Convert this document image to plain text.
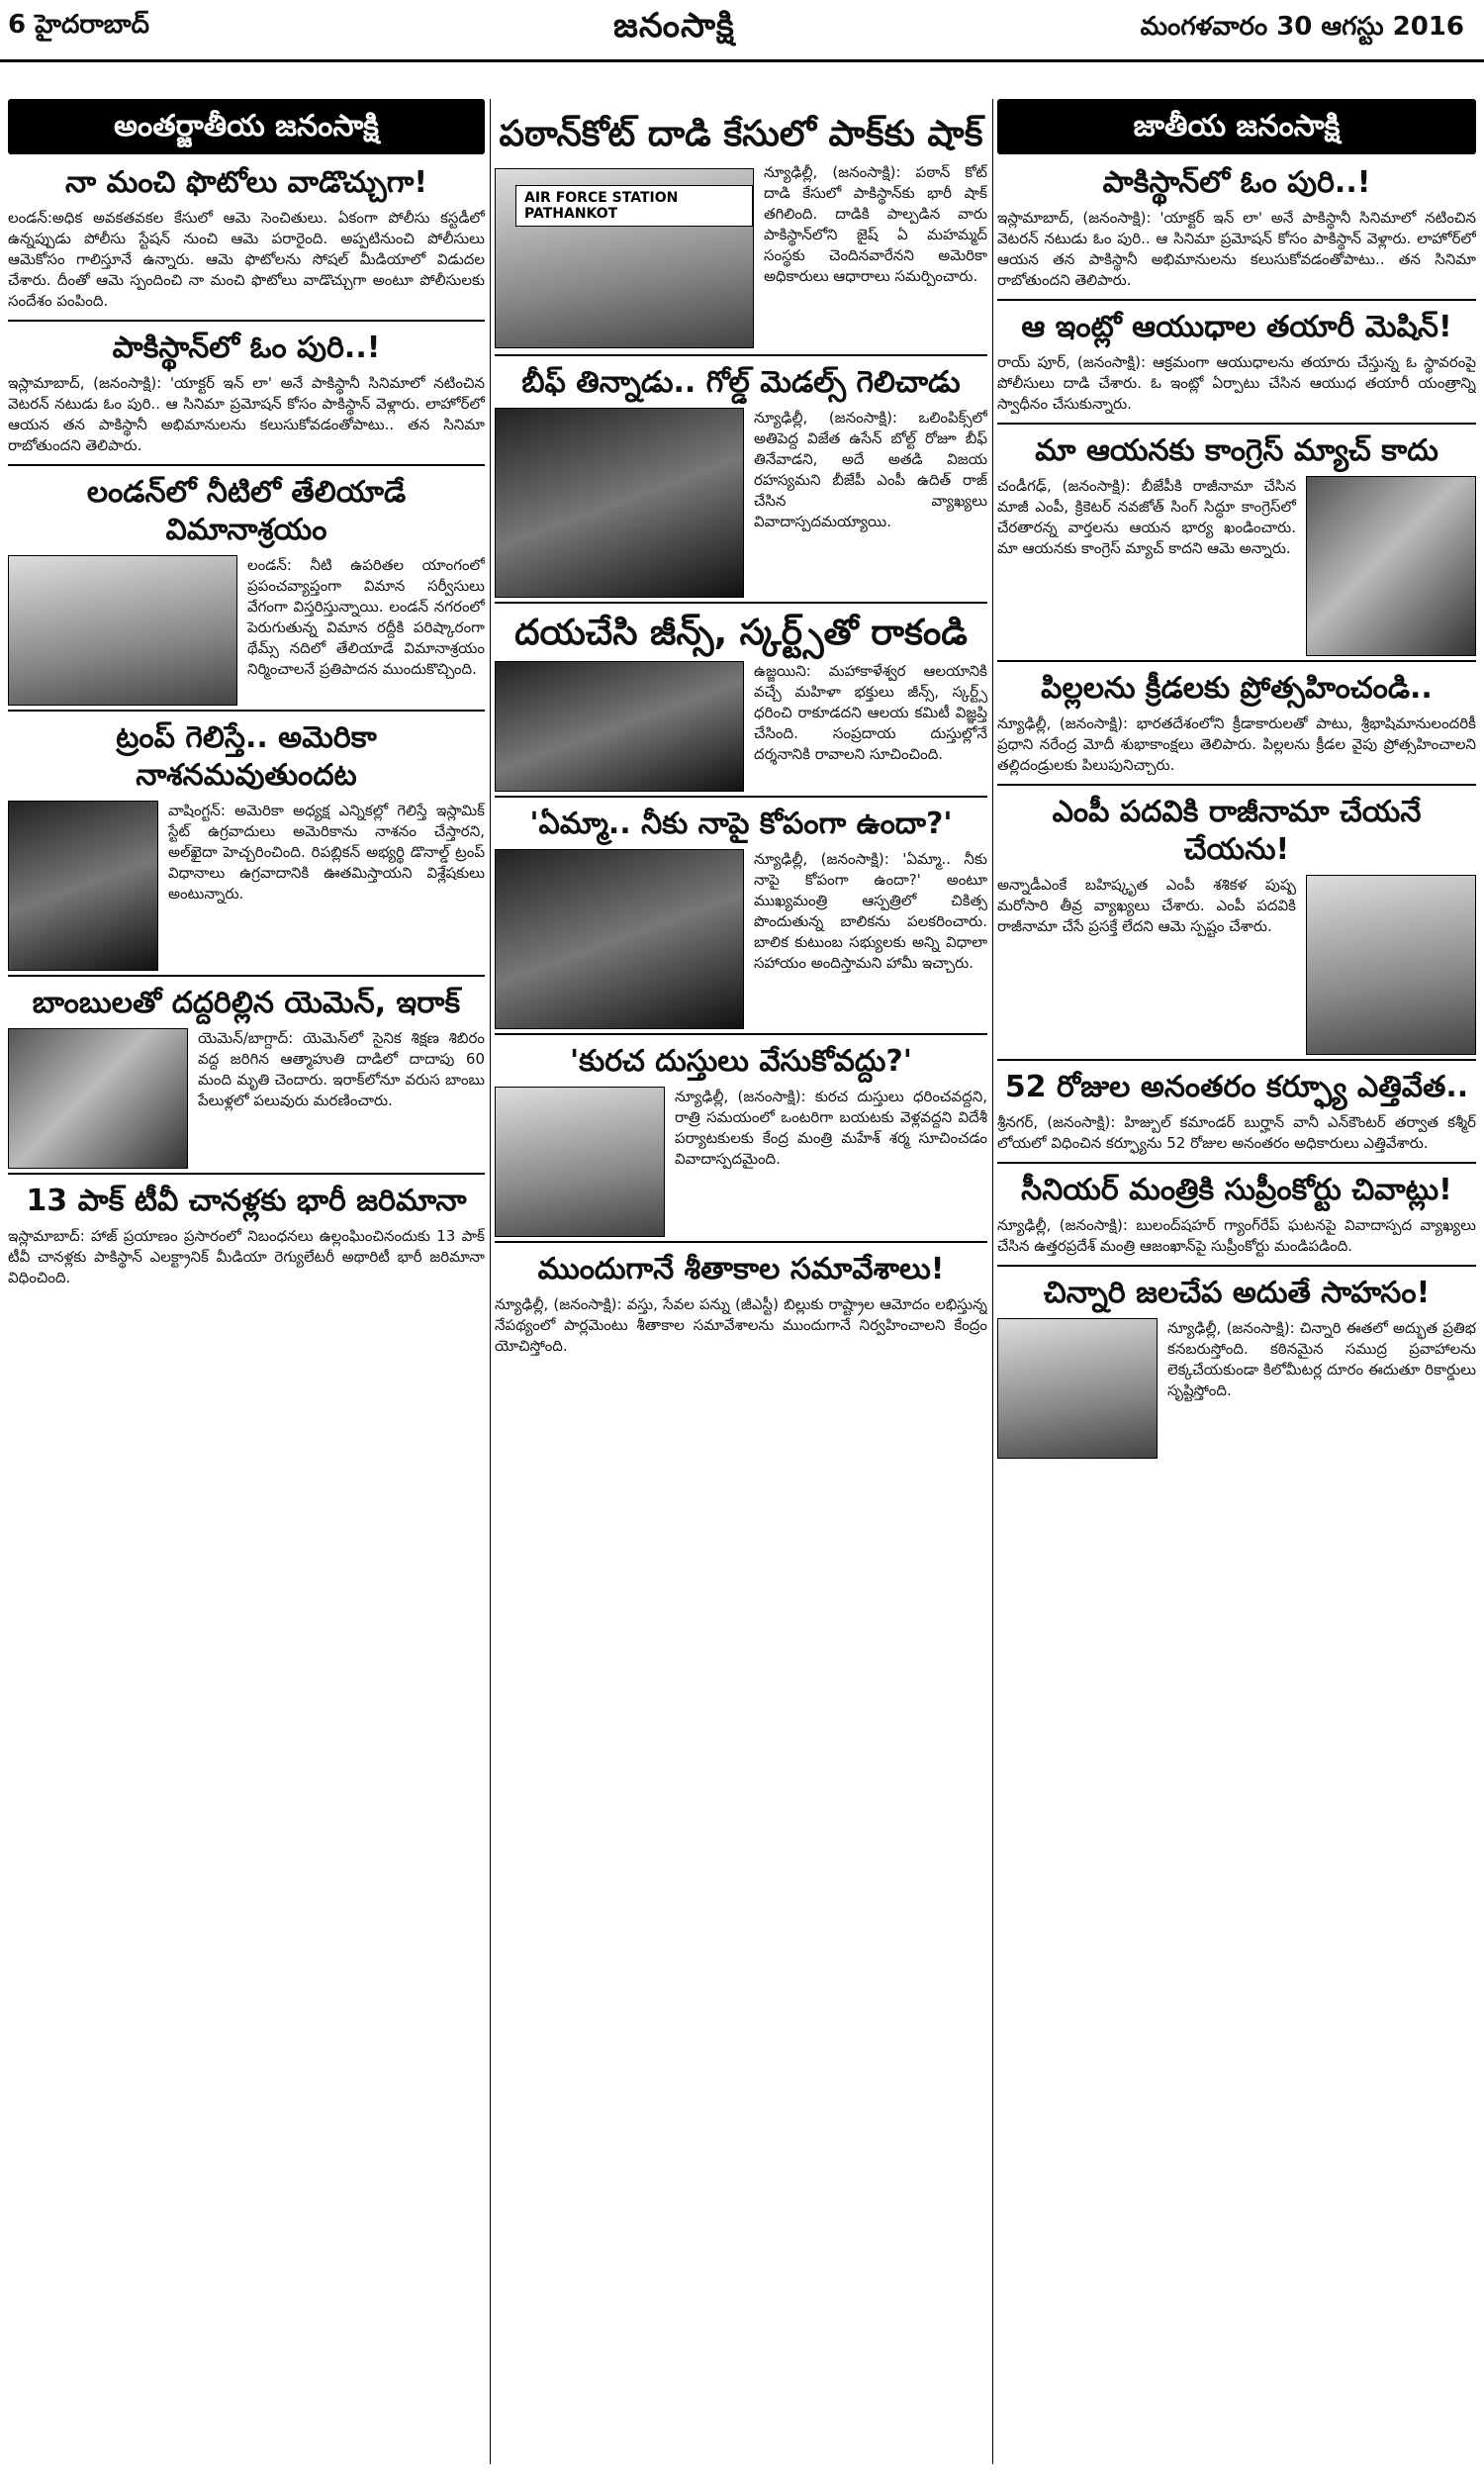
6 హైదరాబాద్‌	జనంసాక్షి	మంగళవారం 30 ఆగస్టు 2016
అంతర్జాతీయ జనంసాక్షి	జాతీయ జనంసాక్షి
నా మంచి ఫొటోలు వాడొచ్చుగా!

లండన్‌:అధిక అవకతవకల కేసులో ఆమె సెంచితులు. ఏకంగా పోలీసు కస్టడీలో ఉన్నప్పుడు పోలీసు స్టేషన్‌ నుంచి ఆమె పరారైంది. అప్పటినుంచి పోలీసులు ఆమెకోసం గాలిస్తూనే ఉన్నారు. ఆమె ఫొటోలను సోషల్‌ మీడియాలో విడుదల చేశారు. దీంతో ఆమె స్పందించి నా మంచి ఫొటోలు వాడొచ్చుగా అంటూ పోలీసులకు సందేశం పంపింది.

పాకిస్థాన్‌లో ఓం పురి..!

ఇస్లామాబాద్‌, (జనంసాక్షి): 'యాక్టర్‌ ఇన్‌ లా' అనే పాకిస్థానీ సినిమాలో నటించిన వెటరన్‌ నటుడు ఓం పురి.. ఆ సినిమా ప్రమోషన్‌ కోసం పాకిస్థాన్‌ వెళ్లారు. లాహోర్‌లో ఆయన తన పాకిస్థానీ అభిమానులను కలుసుకోవడంతోపాటు.. తన సినిమా రాబోతుందని తెలిపారు.

లండన్‌లో నీటిలో తేలియాడే విమానాశ్రయం

లండన్‌: నీటి ఉపరితల యాంగంలో ప్రపంచవ్యాప్తంగా విమాన సర్వీసులు వేగంగా విస్తరిస్తున్నాయి. లండన్‌ నగరంలో పెరుగుతున్న విమాన రద్దీకి పరిష్కారంగా థేమ్స్‌ నదిలో తేలియాడే విమానాశ్రయం నిర్మించాలనే ప్రతిపాదన ముందుకొచ్చింది.

ట్రంప్‌ గెలిస్తే.. అమెరికా నాశనమవుతుందట

వాషింగ్టన్‌: అమెరికా అధ్యక్ష ఎన్నికల్లో గెలిస్తే ఇస్లామిక్‌ స్టేట్‌ ఉగ్రవాదులు అమెరికాను నాశనం చేస్తారని, అల్‌ఖైదా హెచ్చరించింది. రిపబ్లికన్‌ అభ్యర్థి డొనాల్డ్‌ ట్రంప్‌ విధానాలు ఉగ్రవాదానికి ఊతమిస్తాయని విశ్లేషకులు అంటున్నారు.

బాంబులతో దద్దరిల్లిన యెమెన్‌, ఇరాక్‌

యెమెన్‌/బాగ్దాద్‌: యెమెన్‌లో సైనిక శిక్షణ శిబిరం వద్ద జరిగిన ఆత్మాహుతి దాడిలో దాదాపు 60 మంది మృతి చెందారు. ఇరాక్‌లోనూ వరుస బాంబు పేలుళ్లలో పలువురు మరణించారు.

13 పాక్‌ టీవీ చానళ్లకు భారీ జరిమానా

ఇస్లామాబాద్‌: హాజ్‌ ప్రయాణం ప్రసారంలో నిబంధనలు ఉల్లంఘించినందుకు 13 పాక్‌ టీవీ చానళ్లకు పాకిస్థాన్‌ ఎలక్ట్రానిక్‌ మీడియా రెగ్యులేటరీ అథారిటీ భారీ జరిమానా విధించింది.

పఠాన్‌కోట్‌ దాడి కేసులో పాక్‌కు షాక్‌
AIR FORCE STATION PATHANKOT

న్యూఢిల్లీ, (జనంసాక్షి): పఠాన్‌ కోట్‌ దాడి కేసులో పాకిస్థాన్‌కు భారీ షాక్‌ తగిలింది. దాడికి పాల్పడిన వారు పాకిస్థాన్‌లోని జైష్‌ ఏ మహమ్మద్‌ సంస్థకు చెందినవారేనని అమెరికా అధికారులు ఆధారాలు సమర్పించారు.

బీఫ్‌ తిన్నాడు.. గోల్డ్‌ మెడల్స్‌ గెలిచాడు

న్యూఢిల్లీ, (జనంసాక్షి): ఒలింపిక్స్‌లో అతిపెద్ద విజేత ఉసేన్‌ బోల్ట్‌ రోజూ బీఫ్‌ తినేవాడని, అదే అతడి విజయ రహస్యమని బీజేపీ ఎంపీ ఉదిత్‌ రాజ్‌ చేసిన వ్యాఖ్యలు వివాదాస్పదమయ్యాయి.

దయచేసి జీన్స్‌, స్కర్ట్స్‌తో రాకండి

ఉజ్జయిని: మహాకాళేశ్వర ఆలయానికి వచ్చే మహిళా భక్తులు జీన్స్‌, స్కర్ట్స్‌ ధరించి రాకూడదని ఆలయ కమిటీ విజ్ఞప్తి చేసింది. సంప్రదాయ దుస్తుల్లోనే దర్శనానికి రావాలని సూచించింది.

'ఏమ్మా.. నీకు నాపై కోపంగా ఉందా?'

న్యూఢిల్లీ, (జనంసాక్షి): 'ఏమ్మా.. నీకు నాపై కోపంగా ఉందా?' అంటూ ముఖ్యమంత్రి ఆస్పత్రిలో చికిత్స పొందుతున్న బాలికను పలకరించారు. బాలిక కుటుంబ సభ్యులకు అన్ని విధాలా సహాయం అందిస్తామని హామీ ఇచ్చారు.

'కురచ దుస్తులు వేసుకోవద్దు?'

న్యూఢిల్లీ, (జనంసాక్షి): కురచ దుస్తులు ధరించవద్దని, రాత్రి సమయంలో ఒంటరిగా బయటకు వెళ్లవద్దని విదేశీ పర్యాటకులకు కేంద్ర మంత్రి మహేశ్‌ శర్మ సూచించడం వివాదాస్పదమైంది.

ముందుగానే శీతాకాల సమావేశాలు!

న్యూఢిల్లీ, (జనంసాక్షి): వస్తు, సేవల పన్ను (జీఎస్టీ) బిల్లుకు రాష్ట్రాల ఆమోదం లభిస్తున్న నేపథ్యంలో పార్లమెంటు శీతాకాల సమావేశాలను ముందుగానే నిర్వహించాలని కేంద్రం యోచిస్తోంది.

పాకిస్థాన్‌లో ఓం పురి..!

ఇస్లామాబాద్‌, (జనంసాక్షి): 'యాక్టర్‌ ఇన్‌ లా' అనే పాకిస్థానీ సినిమాలో నటించిన వెటరన్‌ నటుడు ఓం పురి.. ఆ సినిమా ప్రమోషన్‌ కోసం పాకిస్థాన్‌ వెళ్లారు. లాహోర్‌లో ఆయన తన పాకిస్థానీ అభిమానులను కలుసుకోవడంతోపాటు.. తన సినిమా రాబోతుందని తెలిపారు.

ఆ ఇంట్లో ఆయుధాల తయారీ మెషిన్‌!

రాయ్‌ పూర్‌, (జనంసాక్షి): ఆక్రమంగా ఆయుధాలను తయారు చేస్తున్న ఓ స్థావరంపై పోలీసులు దాడి చేశారు. ఓ ఇంట్లో ఏర్పాటు చేసిన ఆయుధ తయారీ యంత్రాన్ని స్వాధీనం చేసుకున్నారు.

మా ఆయనకు కాంగ్రెస్‌ మ్యాచ్‌ కాదు

చండీగఢ్‌, (జనంసాక్షి): బీజేపీకి రాజీనామా చేసిన మాజీ ఎంపీ, క్రికెటర్‌ నవజోత్‌ సింగ్‌ సిద్ధూ కాంగ్రెస్‌లో చేరతారన్న వార్తలను ఆయన భార్య ఖండించారు. మా ఆయనకు కాంగ్రెస్‌ మ్యాచ్‌ కాదని ఆమె అన్నారు.

పిల్లలను క్రీడలకు ప్రోత్సహించండి..

న్యూఢిల్లీ, (జనంసాక్షి): భారతదేశంలోని క్రీడాకారులతో పాటు, శ్రీభాషిమానులందరికీ ప్రధాని నరేంద్ర మోదీ శుభాకాంక్షలు తెలిపారు. పిల్లలను క్రీడల వైపు ప్రోత్సహించాలని తల్లిదండ్రులకు పిలుపునిచ్చారు.

ఎంపీ పదవికి రాజీనామా చేయనే చేయను!

అన్నాడీఎంకే బహిష్కృత ఎంపీ శశికళ పుష్ప మరోసారి తీవ్ర వ్యాఖ్యలు చేశారు. ఎంపీ పదవికి రాజీనామా చేసే ప్రసక్తే లేదని ఆమె స్పష్టం చేశారు.

52 రోజుల అనంతరం కర్ఫ్యూ ఎత్తివేత..

శ్రీనగర్‌, (జనంసాక్షి): హిజ్బుల్‌ కమాండర్‌ బుర్హాన్‌ వానీ ఎన్‌కౌంటర్‌ తర్వాత కశ్మీర్‌ లోయలో విధించిన కర్ఫ్యూను 52 రోజుల అనంతరం అధికారులు ఎత్తివేశారు.

సీనియర్‌ మంత్రికి సుప్రీంకోర్టు చివాట్లు!

న్యూఢిల్లీ, (జనంసాక్షి): బులంద్‌షహర్‌ గ్యాంగ్‌రేప్‌ ఘటనపై వివాదాస్పద వ్యాఖ్యలు చేసిన ఉత్తరప్రదేశ్‌ మంత్రి ఆజంఖాన్‌పై సుప్రీంకోర్టు మండిపడింది.

చిన్నారి జలచేప అదుతే సాహసం!

న్యూఢిల్లీ, (జనంసాక్షి): చిన్నారి ఈతలో అద్భుత ప్రతిభ కనబరుస్తోంది. కఠినమైన సముద్ర ప్రవాహాలను లెక్కచేయకుండా కిలోమీటర్ల దూరం ఈదుతూ రికార్డులు సృష్టిస్తోంది.
